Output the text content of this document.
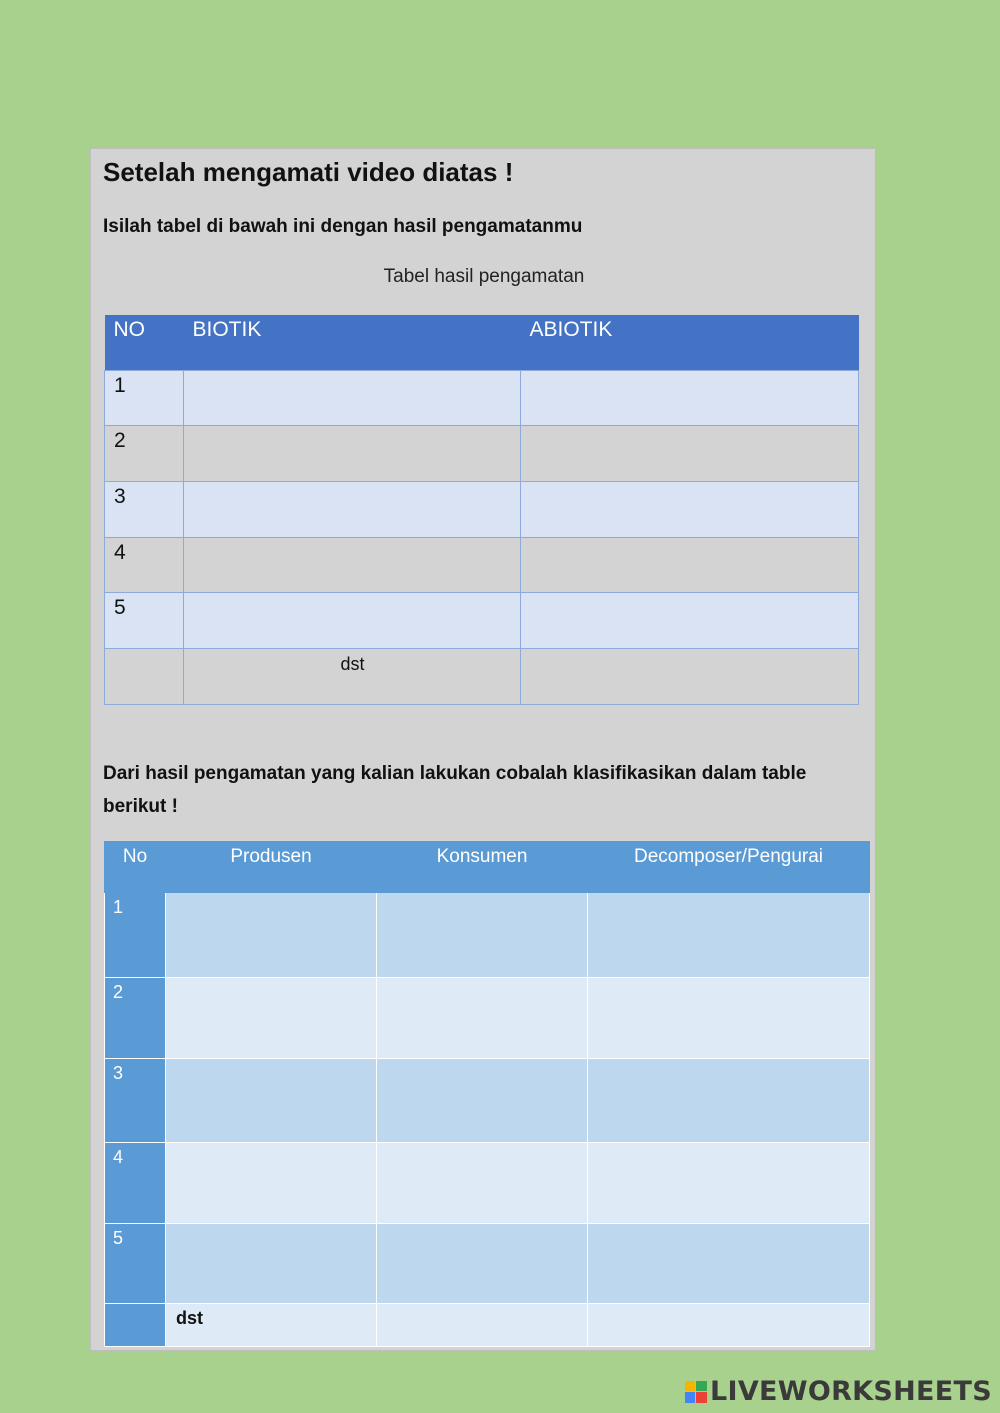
Setelah mengamati video diatas !
Isilah tabel di bawah ini dengan hasil pengamatanmu
Tabel hasil pengamatan
NO	BIOTIK	ABIOTIK
1		
2		
3		
4		
5		
	dst	
Dari hasil pengamatan yang kalian lakukan cobalah klasifikasikan dalam table berikut !
No	Produsen	Konsumen	Decomposer/Pengurai
1			
2			
3			
4			
5			
	dst		
LIVEWORKSHEETS
